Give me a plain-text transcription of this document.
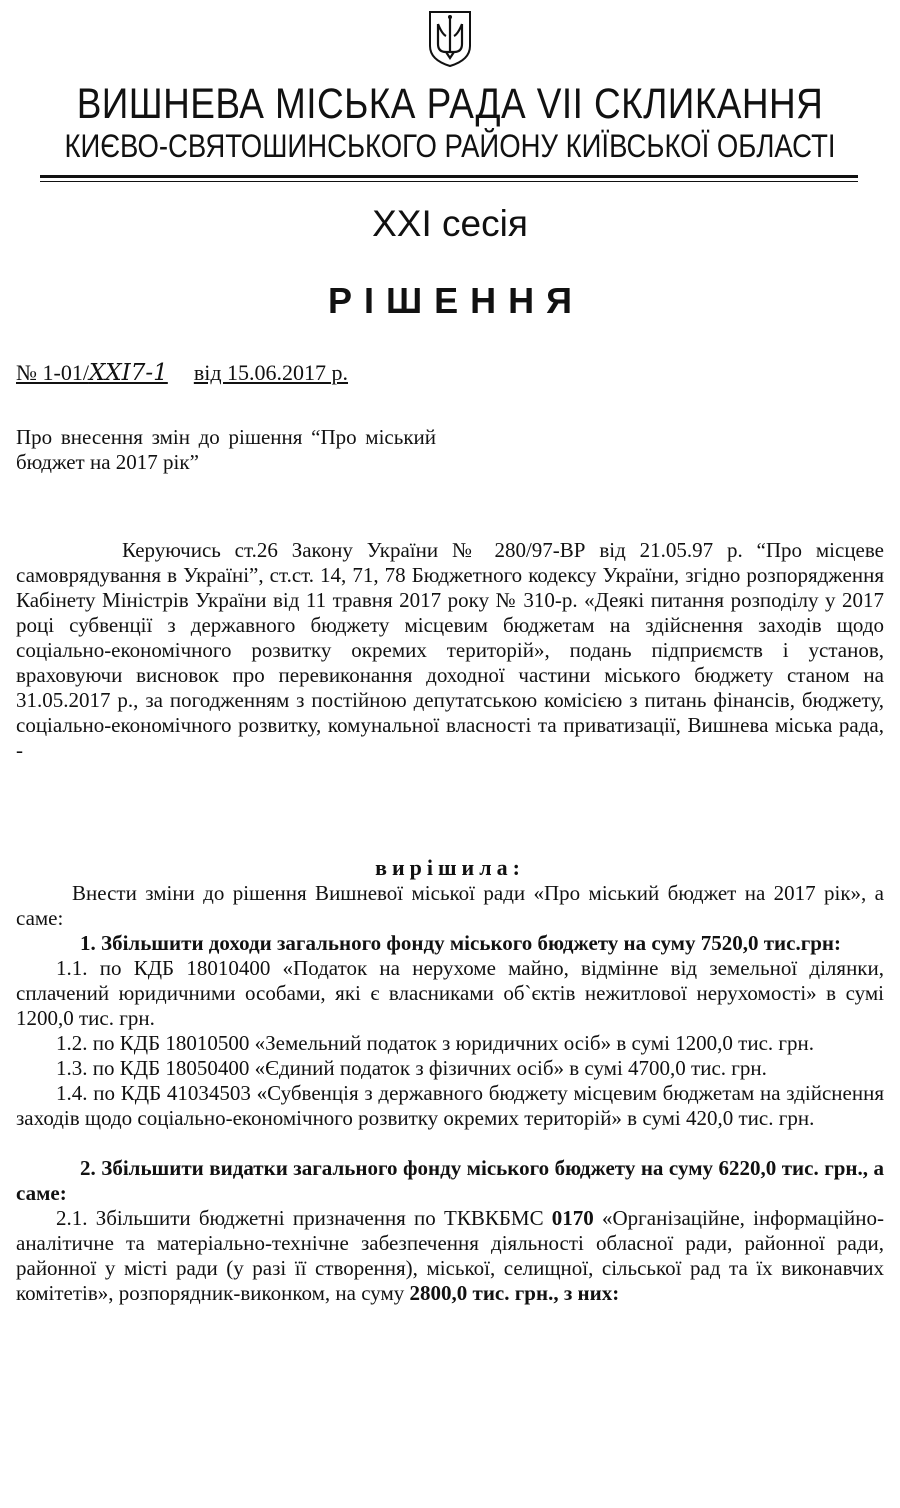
ВИШНЕВА МІСЬКА РАДА VII СКЛИКАННЯ
КИЄВО-СВЯТОШИНСЬКОГО РАЙОНУ КИЇВСЬКОЇ ОБЛАСТІ
XXI сесія
РІШЕННЯ
№ 1-01/XXI7-1 від 15.06.2017 р.
Про внесення змін до рішення “Про міський бюджет на 2017 рік”
Керуючись ст.26 Закону України № 280/97-ВР від 21.05.97 р. “Про місцеве самоврядування в Україні”, ст.ст. 14, 71, 78 Бюджетного кодексу України, згідно розпорядження Кабінету Міністрів України від 11 травня 2017 року № 310-р. «Деякі питання розподілу у 2017 році субвенції з державного бюджету місцевим бюджетам на здійснення заходів щодо соціально-економічного розвитку окремих територій», подань підприємств і установ, враховуючи висновок про перевиконання доходної частини міського бюджету станом на 31.05.2017 р., за погодженням з постійною депутатською комісією з питань фінансів, бюджету, соціально-економічного розвитку, комунальної власності та приватизації, Вишнева міська рада, -
вирішила:

Внести зміни до рішення Вишневої міської ради «Про міський бюджет на 2017 рік», а саме:

1. Збільшити доходи загального фонду міського бюджету на суму 7520,0 тис.грн:

1.1. по КДБ 18010400 «Податок на нерухоме майно, відмінне від земельної ділянки, сплачений юридичними особами, які є власниками об`єктів нежитлової нерухомості» в сумі 1200,0 тис. грн.

1.2. по КДБ 18010500 «Земельний податок з юридичних осіб» в сумі 1200,0 тис. грн.

1.3. по КДБ 18050400 «Єдиний податок з фізичних осіб» в сумі 4700,0 тис. грн.

1.4. по КДБ 41034503 «Субвенція з державного бюджету місцевим бюджетам на здійснення заходів щодо соціально-економічного розвитку окремих територій» в сумі 420,0 тис. грн.

2. Збільшити видатки загального фонду міського бюджету на суму 6220,0 тис. грн., а саме:

2.1. Збільшити бюджетні призначення по ТКВКБМС 0170 «Організаційне, інформаційно-аналітичне та матеріально-технічне забезпечення діяльності обласної ради, районної ради, районної у місті ради (у разі її створення), міської, селищної, сільської рад та їх виконавчих комітетів», розпорядник-виконком, на суму 2800,0 тис. грн., з них:
